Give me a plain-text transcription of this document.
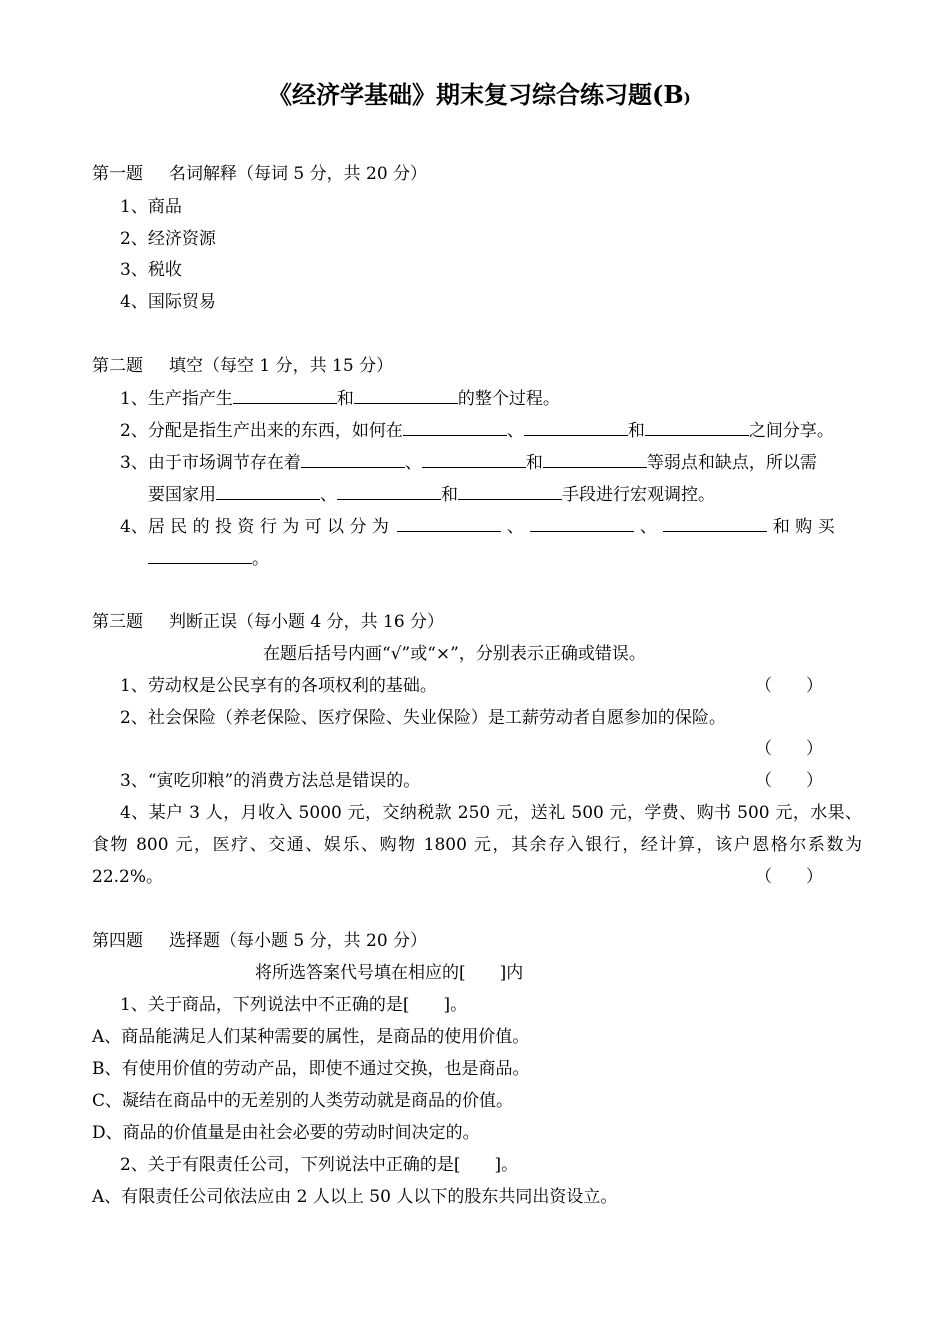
《经济学基础》期末复习综合练习题(B)
第一题 名词解释（每词 5 分，共 20 分）
1、商品
2、经济资源
3、税收
4、国际贸易
第二题 填空（每空 1 分，共 15 分）
1、生产指产生	和	的整个过程。
2、分配是指生产出来的东西，如何在	、	和	之间分享。
3、由于市场调节存在着	、	和	等弱点和缺点，所以需
要国家用	、	和	手段进行宏观调控。
4、居 民 的 投 资 行 为 可 以 分 为	、	、	和 购 买
。
第三题 判断正误（每小题 4 分，共 16 分）
在题后括号内画“√”或“×”，分别表示正确或错误。
1、劳动权是公民享有的各项权利的基础。	（　　）
2、社会保险（养老保险、医疗保险、失业保险）是工薪劳动者自愿参加的保险。
（　　）
3、“寅吃卯粮”的消费方法总是错误的。	（　　）
4、某户 3 人，月收入 5000 元，交纳税款 250 元，送礼 500 元，学费、购书 500 元，水果、
食物 800 元，医疗、交通、娱乐、购物 1800 元，其余存入银行，经计算，该户恩格尔系数为
22.2%。	（　　）
第四题 选择题（每小题 5 分，共 20 分）
将所选答案代号填在相应的[　　]内
1、关于商品，下列说法中不正确的是[　　]。
A、商品能满足人们某种需要的属性，是商品的使用价值。
B、有使用价值的劳动产品，即使不通过交换，也是商品。
C、凝结在商品中的无差别的人类劳动就是商品的价值。
D、商品的价值量是由社会必要的劳动时间决定的。
2、关于有限责任公司，下列说法中正确的是[　　]。
A、有限责任公司依法应由 2 人以上 50 人以下的股东共同出资设立。
